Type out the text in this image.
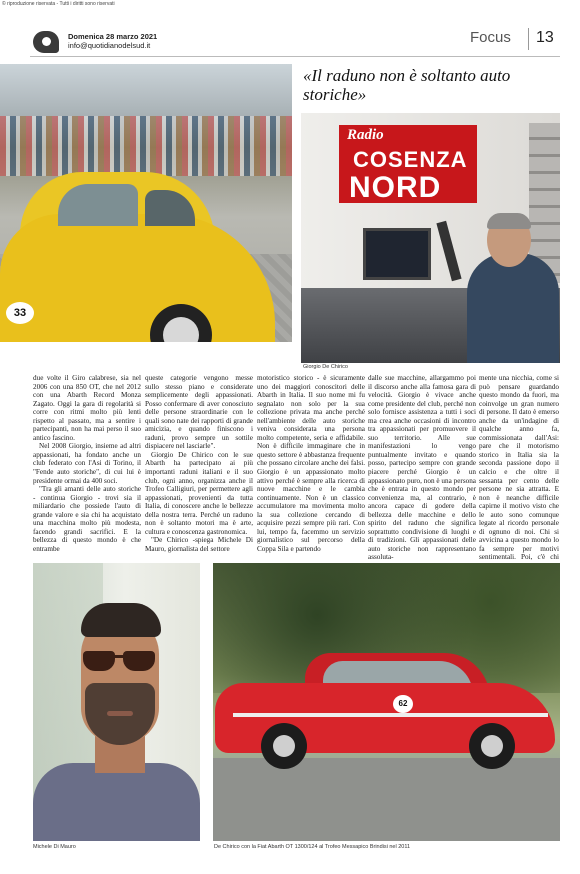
© riproduzione riservata - Tutti i diritti sono riservati
Domenica 28 marzo 2021
info@quotidianodelsud.it	Focus 13
«Il raduno non è soltanto auto storiche»
33
Radio
COSENZA
NORD
Giorgio De Chirico

due volte il Giro calabrese, sia nel 2006 con una 850 OT, che nel 2012 con una Abarth Record Monza Zagato. Oggi la gara di regolarità si corre con ritmi molto più lenti rispetto al passato, ma a sentire i partecipanti, non ha mai perso il suo antico fascino.

Nel 2008 Giorgio, insieme ad altri appassionati, ha fondato anche un club federato con l'Asi di Torino, il "Fende auto storiche", di cui lui è presidente ormai da 400 soci.

"Tra gli amanti delle auto storiche - continua Giorgio - trovi sia il miliardario che possiede l'auto di grande valore e sia chi ha acquistato una macchina molto più modesta, facendo grandi sacrifici. E la bellezza di questo mondo è che entrambe

queste categorie vengono messe sullo stesso piano e considerate semplicemente degli appassionati. Posso confermare di aver conosciuto delle persone straordinarie con le quali sono nate dei rapporti di grande amicizia, e quando finiscono i raduni, provo sempre un sottile dispiacere nel lasciarle".

Giorgio De Chirico con le sue Abarth ha partecipato ai più importanti raduni italiani e il suo club, ogni anno, organizza anche il Trofeo Calligiuri, per permettere agli appassionati, provenienti da tutta Italia, di conoscere anche le bellezze della nostra terra. Perché un raduno non è soltanto motori ma è arte, cultura e conoscenza gastronomica.

"De Chirico -spiega Michele Di Mauro, giornalista del settore

motoristico storico - è sicuramente uno dei maggiori conoscitori delle Abarth in Italia. Il suo nome mi fu segnalato non solo per la sua collezione privata ma anche perché nell'ambiente delle auto storiche veniva considerata una persona molto competente, seria e affidabile. Non è difficile immaginare che in questo settore è abbastanza frequente che possano circolare anche dei falsi. Giorgio è un appassionato molto attivo perché è sempre alla ricerca di nuove macchine e le cambia continuamente. Non è un classico accumulatore ma movimenta molto la sua collezione cercando di acquisire pezzi sempre più rari. Con lui, tempo fa, facemmo un servizio giornalistico sul percorso della Coppa Sila e partendo

dalle sue macchine, allargammo poi il discorso anche alla famosa gara di velocità. Giorgio è vivace anche come presidente del club, perché non solo fornisce assistenza a tutti i soci ma crea anche occasioni di incontro tra appassionati per promuovere il suo territorio. Alle sue manifestazioni lo vengo puntualmente invitato e quando posso, partecipo sempre con grande piacere perché Giorgio è un appassionato puro, non è una persona che è entrata in questo mondo per convenienza ma, al contrario, è ancora capace di godere della bellezza delle macchine e dello spirito del raduno che significa soprattutto condivisione di luoghi e di tradizioni. Gli appassionati delle auto storiche non rappresentano assoluta-

mente una nicchia, come si può pensare guardando questo mondo da fuori, ma coinvolge un gran numero di persone. Il dato è emerso anche da un'indagine di qualche anno fa, commissionata dall'Asi: pare che il motorismo storico in Italia sia la seconda passione dopo il calcio e che oltre il sessanta per cento delle persone ne sia attratta. E non è neanche difficile capirne il motivo visto che le auto sono comunque legate al ricordo personale di ognuno di noi. Chi si avvicina a questo mondo lo fa sempre per motivi sentimentali. Poi, c'è chi

Michele Di Mauro
62
De Chirico con la Fiat Abarth OT 1300/124 al Trofeo Messapico Brindisi nel 2011
